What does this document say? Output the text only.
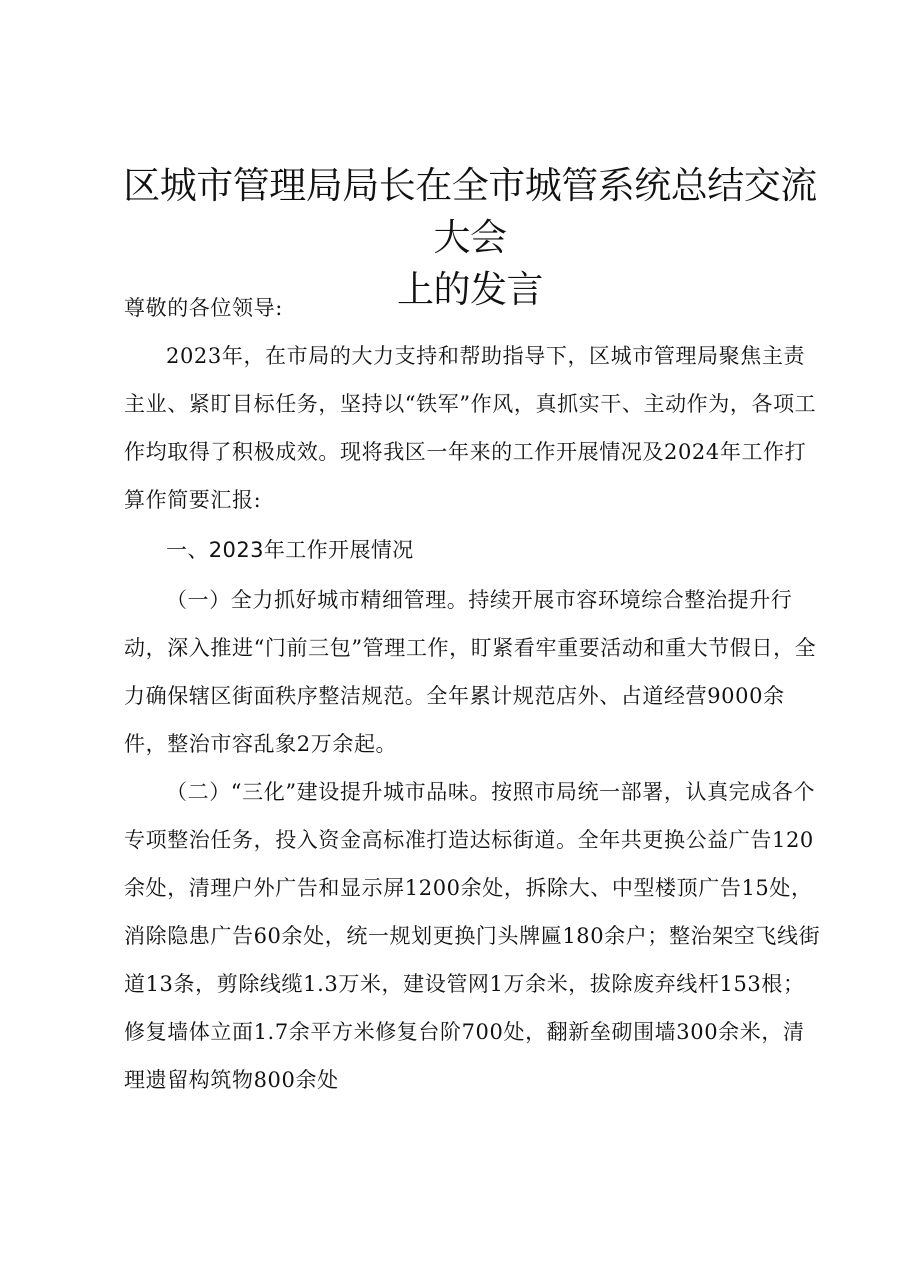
区城市管理局局长在全市城管系统总结交流大会
上的发言

尊敬的各位领导:

2023年，在市局的大力支持和帮助指导下，区城市管理局聚焦主责主业、紧盯目标任务，坚持以“铁军”作风，真抓实干、主动作为，各项工作均取得了积极成效。现将我区一年来的工作开展情况及2024年工作打算作简要汇报:

一、2023年工作开展情况

（一）全力抓好城市精细管理。持续开展市容环境综合整治提升行动，深入推进“门前三包”管理工作，盯紧看牢重要活动和重大节假日，全力确保辖区街面秩序整洁规范。全年累计规范店外、占道经营9000余件，整治市容乱象2万余起。

（二）“三化”建设提升城市品味。按照市局统一部署，认真完成各个专项整治任务，投入资金高标准打造达标街道。全年共更换公益广告120余处，清理户外广告和显示屏1200余处，拆除大、中型楼顶广告15处，消除隐患广告60余处，统一规划更换门头牌匾180余户；整治架空飞线街道13条，剪除线缆1.3万米，建设管网1万余米，拔除废弃线杆153根；修复墙体立面1.7余平方米修复台阶700处，翻新垒砌围墙300余米，清理遗留构筑物800余处
